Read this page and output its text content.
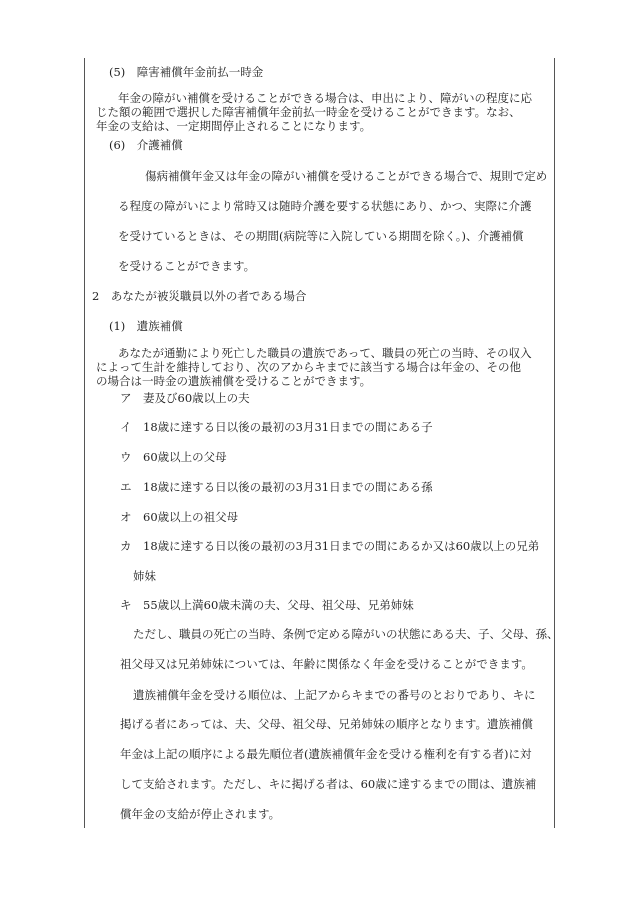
(5)　障害補償年金前払一時金
年金の障がい補償を受けることができる場合は、申出により、障がいの程度に応
じた額の範囲で選択した障害補償年金前払一時金を受けることができます。なお、
年金の支給は、一定期間停止されることになります。
(6)　介護補償
傷病補償年金又は年金の障がい補償を受けることができる場合で、規則で定め
る程度の障がいにより常時又は随時介護を要する状態にあり、かつ、実際に介護
を受けているときは、その期間(病院等に入院している期間を除く。)、介護補償
を受けることができます。
2　あなたが被災職員以外の者である場合
(1)　遺族補償
あなたが通勤により死亡した職員の遺族であって、職員の死亡の当時、その収入
によって生計を維持しており、次のアからキまでに該当する場合は年金の、その他
の場合は一時金の遺族補償を受けることができます。
ア　妻及び60歳以上の夫
イ　18歳に達する日以後の最初の3月31日までの間にある子
ウ　60歳以上の父母
エ　18歳に達する日以後の最初の3月31日までの間にある孫
オ　60歳以上の祖父母
カ　18歳に達する日以後の最初の3月31日までの間にあるか又は60歳以上の兄弟
姉妹
キ　55歳以上満60歳未満の夫、父母、祖父母、兄弟姉妹
ただし、職員の死亡の当時、条例で定める障がいの状態にある夫、子、父母、孫、
祖父母又は兄弟姉妹については、年齢に関係なく年金を受けることができます。
遺族補償年金を受ける順位は、上記アからキまでの番号のとおりであり、キに
掲げる者にあっては、夫、父母、祖父母、兄弟姉妹の順序となります。遺族補償
年金は上記の順序による最先順位者(遺族補償年金を受ける権利を有する者)に対
して支給されます。ただし、キに掲げる者は、60歳に達するまでの間は、遺族補
償年金の支給が停止されます。
